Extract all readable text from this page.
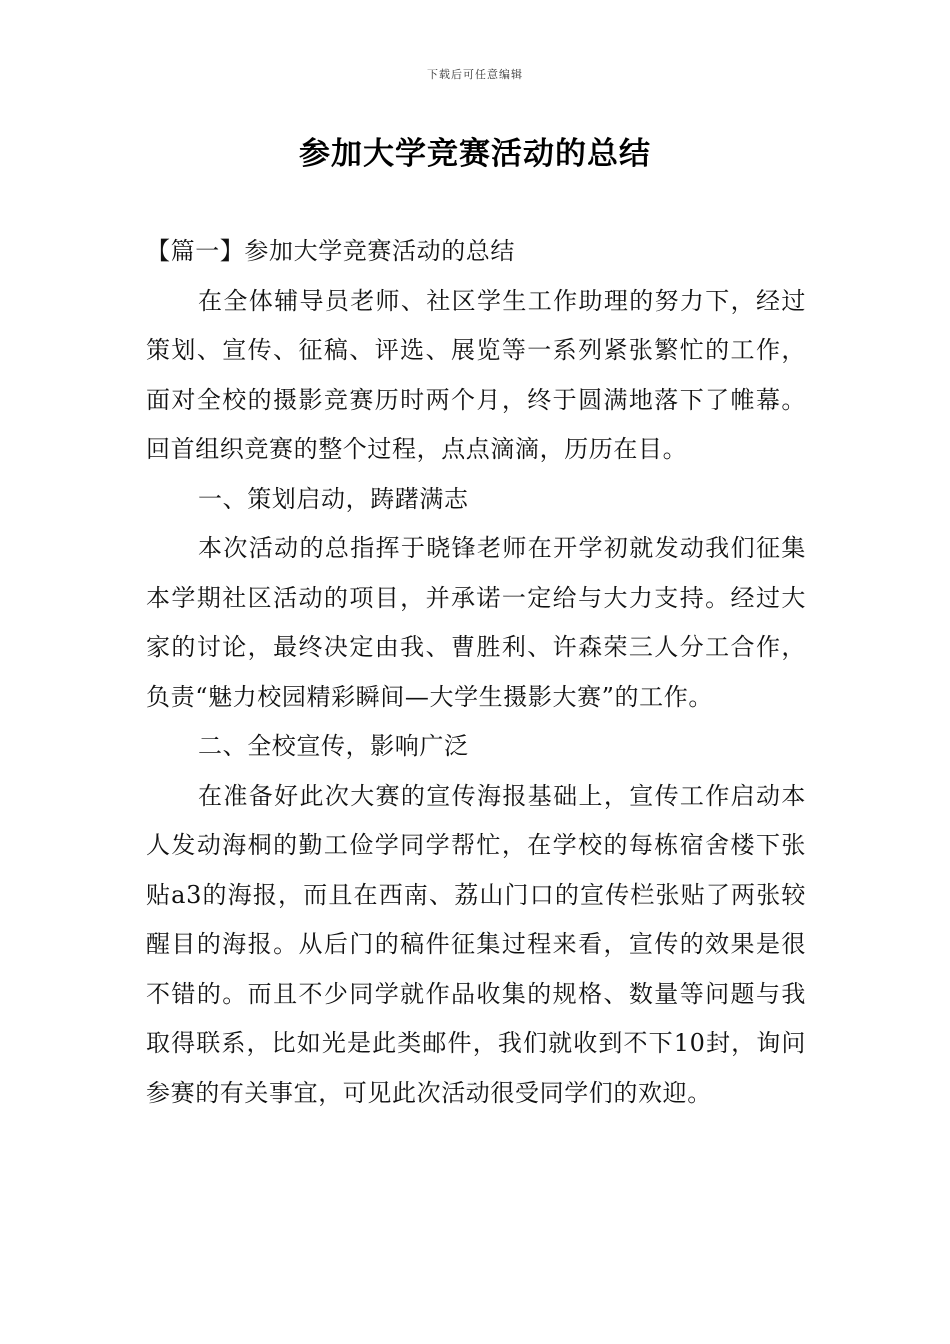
下载后可任意编辑
参加大学竞赛活动的总结

【篇一】参加大学竞赛活动的总结

在全体辅导员老师、社区学生工作助理的努力下，经过策划、宣传、征稿、评选、展览等一系列紧张繁忙的工作，面对全校的摄影竞赛历时两个月，终于圆满地落下了帷幕。回首组织竞赛的整个过程，点点滴滴，历历在目。

一、策划启动，踌躇满志

本次活动的总指挥于晓锋老师在开学初就发动我们征集本学期社区活动的项目，并承诺一定给与大力支持。经过大家的讨论，最终决定由我、曹胜利、许森荣三人分工合作，负责“魅力校园精彩瞬间—大学生摄影大赛”的工作。

二、全校宣传，影响广泛

在准备好此次大赛的宣传海报基础上，宣传工作启动本人发动海桐的勤工俭学同学帮忙，在学校的每栋宿舍楼下张贴a3的海报，而且在西南、荔山门口的宣传栏张贴了两张较醒目的海报。从后门的稿件征集过程来看，宣传的效果是很不错的。而且不少同学就作品收集的规格、数量等问题与我取得联系，比如光是此类邮件，我们就收到不下10封，询问参赛的有关事宜，可见此次活动很受同学们的欢迎。
